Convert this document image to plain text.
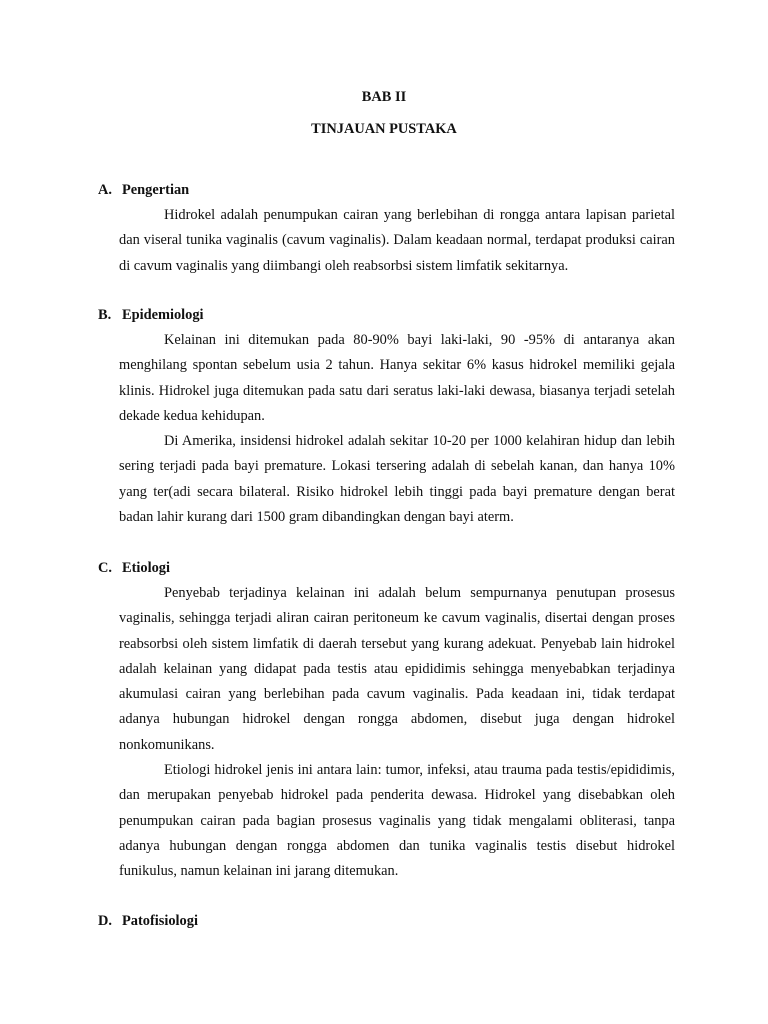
BAB II

TINJAUAN PUSTAKA

A. Pengertian

Hidrokel adalah penumpukan cairan yang berlebihan di rongga antara lapisan parietal dan viseral tunika vaginalis (cavum vaginalis). Dalam keadaan normal, terdapat produksi cairan di cavum vaginalis yang diimbangi oleh reabsorbsi sistem limfatik sekitarnya.

B. Epidemiologi

Kelainan ini ditemukan pada 80-90% bayi laki-laki, 90 -95% di antaranya akan menghilang spontan sebelum usia 2 tahun. Hanya sekitar 6% kasus hidrokel memiliki gejala klinis. Hidrokel juga ditemukan pada satu dari seratus laki-laki dewasa, biasanya terjadi setelah dekade kedua kehidupan.

Di Amerika, insidensi hidrokel adalah sekitar 10-20 per 1000 kelahiran hidup dan lebih sering terjadi pada bayi premature. Lokasi tersering adalah di sebelah kanan, dan hanya 10% yang ter(adi secara bilateral. Risiko hidrokel lebih tinggi pada bayi premature dengan berat badan lahir kurang dari 1500 gram dibandingkan dengan bayi aterm.

C. Etiologi

Penyebab terjadinya kelainan ini adalah belum sempurnanya penutupan prosesus vaginalis, sehingga terjadi aliran cairan peritoneum ke cavum vaginalis, disertai dengan proses reabsorbsi oleh sistem limfatik di daerah tersebut yang kurang adekuat. Penyebab lain hidrokel adalah kelainan yang didapat pada testis atau epididimis sehingga menyebabkan terjadinya akumulasi cairan yang berlebihan pada cavum vaginalis. Pada keadaan ini, tidak terdapat adanya hubungan hidrokel dengan rongga abdomen, disebut juga dengan hidrokel nonkomunikans.

Etiologi hidrokel jenis ini antara lain: tumor, infeksi, atau trauma pada testis/epididimis, dan merupakan penyebab hidrokel pada penderita dewasa. Hidrokel yang disebabkan oleh penumpukan cairan pada bagian prosesus vaginalis yang tidak mengalami obliterasi, tanpa adanya hubungan dengan rongga abdomen dan tunika vaginalis testis disebut hidrokel funikulus, namun kelainan ini jarang ditemukan.

D. Patofisiologi
